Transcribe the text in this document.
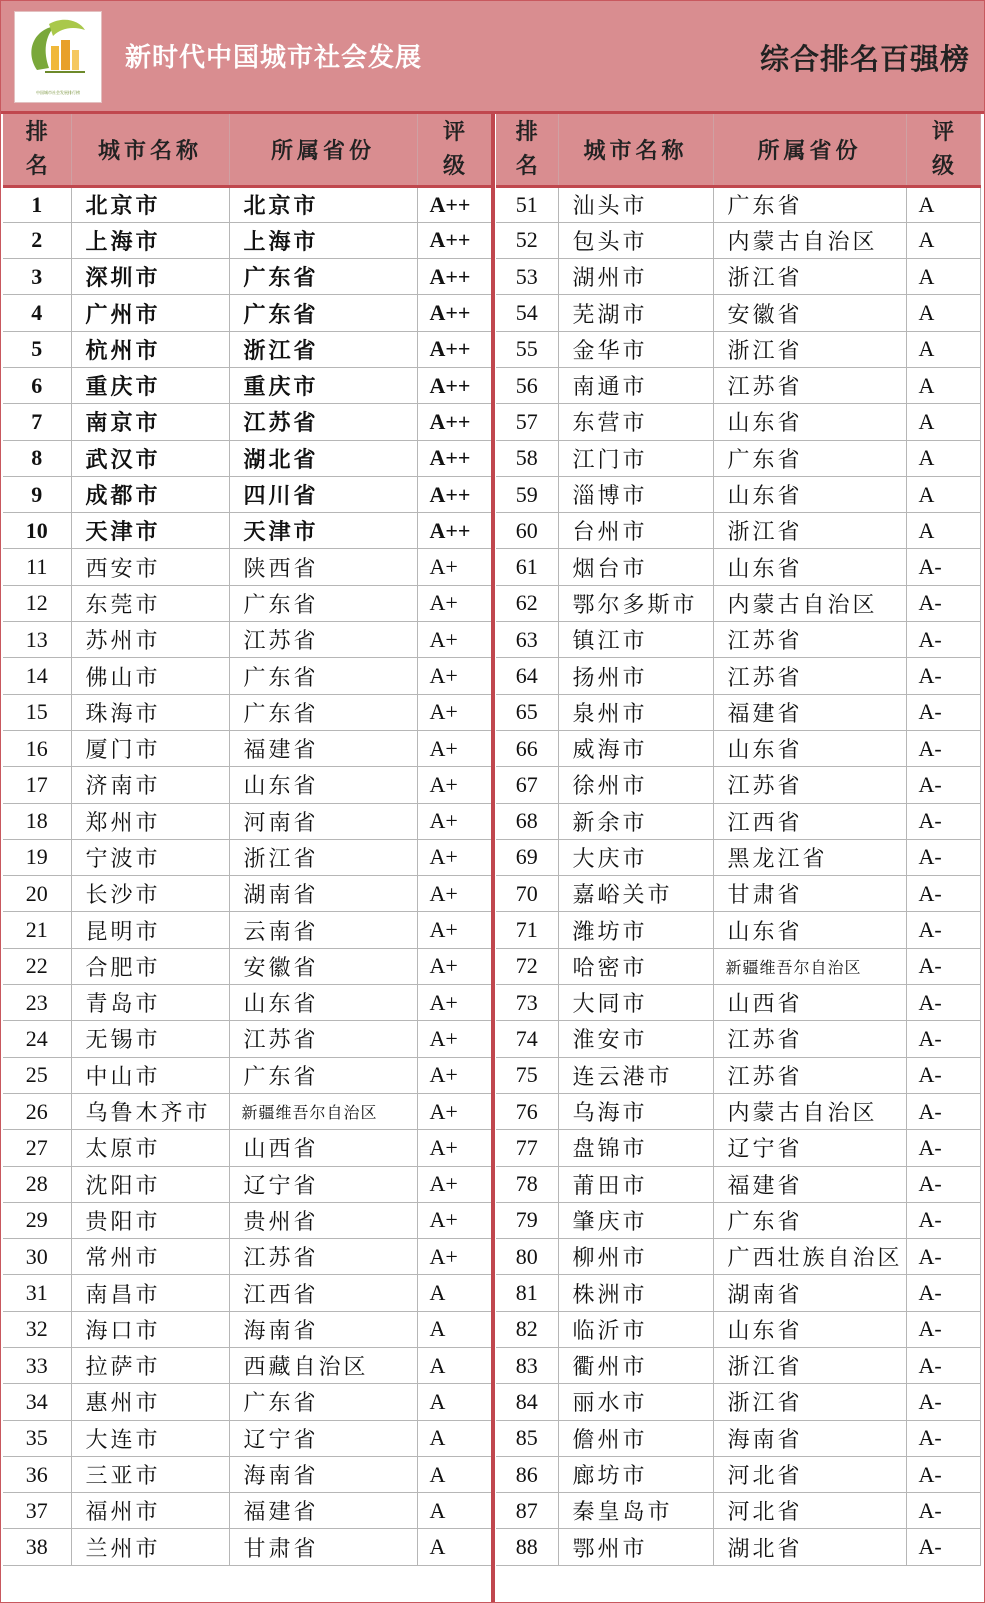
中国城市社会发展排行榜
新时代中国城市社会发展	综合排名百强榜
排名	城市名称	所属省份	评级
1	北京市	北京市	A++
2	上海市	上海市	A++
3	深圳市	广东省	A++
4	广州市	广东省	A++
5	杭州市	浙江省	A++
6	重庆市	重庆市	A++
7	南京市	江苏省	A++
8	武汉市	湖北省	A++
9	成都市	四川省	A++
10	天津市	天津市	A++
11	西安市	陕西省	A+
12	东莞市	广东省	A+
13	苏州市	江苏省	A+
14	佛山市	广东省	A+
15	珠海市	广东省	A+
16	厦门市	福建省	A+
17	济南市	山东省	A+
18	郑州市	河南省	A+
19	宁波市	浙江省	A+
20	长沙市	湖南省	A+
21	昆明市	云南省	A+
22	合肥市	安徽省	A+
23	青岛市	山东省	A+
24	无锡市	江苏省	A+
25	中山市	广东省	A+
26	乌鲁木齐市	新疆维吾尔自治区	A+
27	太原市	山西省	A+
28	沈阳市	辽宁省	A+
29	贵阳市	贵州省	A+
30	常州市	江苏省	A+
31	南昌市	江西省	A
32	海口市	海南省	A
33	拉萨市	西藏自治区	A
34	惠州市	广东省	A
35	大连市	辽宁省	A
36	三亚市	海南省	A
37	福州市	福建省	A
38	兰州市	甘肃省	A
排名	城市名称	所属省份	评级
51	汕头市	广东省	A
52	包头市	内蒙古自治区	A
53	湖州市	浙江省	A
54	芜湖市	安徽省	A
55	金华市	浙江省	A
56	南通市	江苏省	A
57	东营市	山东省	A
58	江门市	广东省	A
59	淄博市	山东省	A
60	台州市	浙江省	A
61	烟台市	山东省	A-
62	鄂尔多斯市	内蒙古自治区	A-
63	镇江市	江苏省	A-
64	扬州市	江苏省	A-
65	泉州市	福建省	A-
66	威海市	山东省	A-
67	徐州市	江苏省	A-
68	新余市	江西省	A-
69	大庆市	黑龙江省	A-
70	嘉峪关市	甘肃省	A-
71	潍坊市	山东省	A-
72	哈密市	新疆维吾尔自治区	A-
73	大同市	山西省	A-
74	淮安市	江苏省	A-
75	连云港市	江苏省	A-
76	乌海市	内蒙古自治区	A-
77	盘锦市	辽宁省	A-
78	莆田市	福建省	A-
79	肇庆市	广东省	A-
80	柳州市	广西壮族自治区	A-
81	株洲市	湖南省	A-
82	临沂市	山东省	A-
83	衢州市	浙江省	A-
84	丽水市	浙江省	A-
85	儋州市	海南省	A-
86	廊坊市	河北省	A-
87	秦皇岛市	河北省	A-
88	鄂州市	湖北省	A-
